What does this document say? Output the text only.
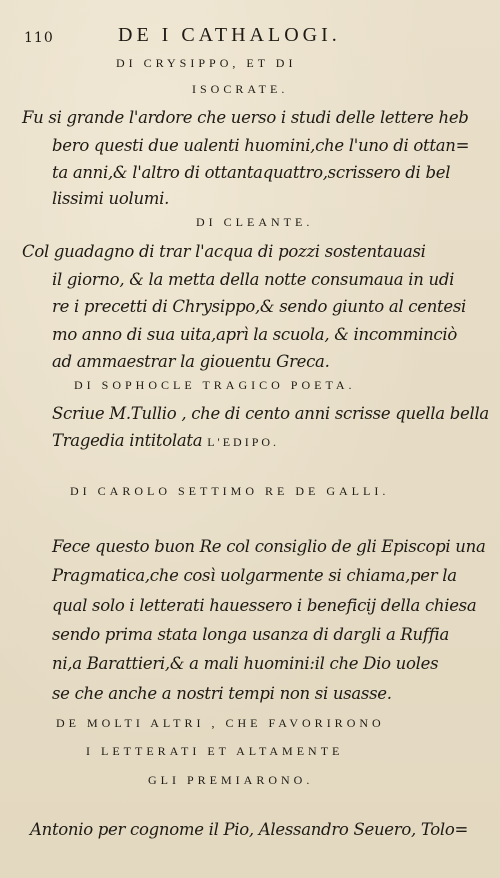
110	DE I CATHALOGI.
DI CRYSIPPO, ET DI
ISOCRATE.
Fu si grande l'ardore che uerso i studi delle lettere heb
bero questi due ualenti huomini,che l'uno di ottan=
ta anni,& l'altro di ottantaquattro,scrissero di bel
lissimi uolumi.
DI CLEANTE.
Col guadagno di trar l'acqua di pozzi sostentauasi
il giorno, & la metta della notte consumaua in udi
re i precetti di Chrysippo,& sendo giunto al centesi
mo anno di sua uita,aprì la scuola, & incomminciò
ad ammaestrar la giouentu Greca.
DI SOPHOCLE TRAGICO POETA.
Scriue M.Tullio , che di cento anni scrisse quella bella
Tragedia intitolata L'EDIPO.
DI CAROLO SETTIMO RE DE GALLI.
Fece questo buon Re col consiglio de gli Episcopi una
Pragmatica,che così uolgarmente si chiama,per la
qual solo i letterati hauessero i beneficij della chiesa
sendo prima stata longa usanza di dargli a Ruffia
ni,a Barattieri,& a mali huomini:il che Dio uoles
se che anche a nostri tempi non si usasse.
DE MOLTI ALTRI , CHE FAVORIRONO
I LETTERATI ET ALTAMENTE
GLI PREMIARONO.
Antonio per cognome il Pio, Alessandro Seuero, Tolo=
